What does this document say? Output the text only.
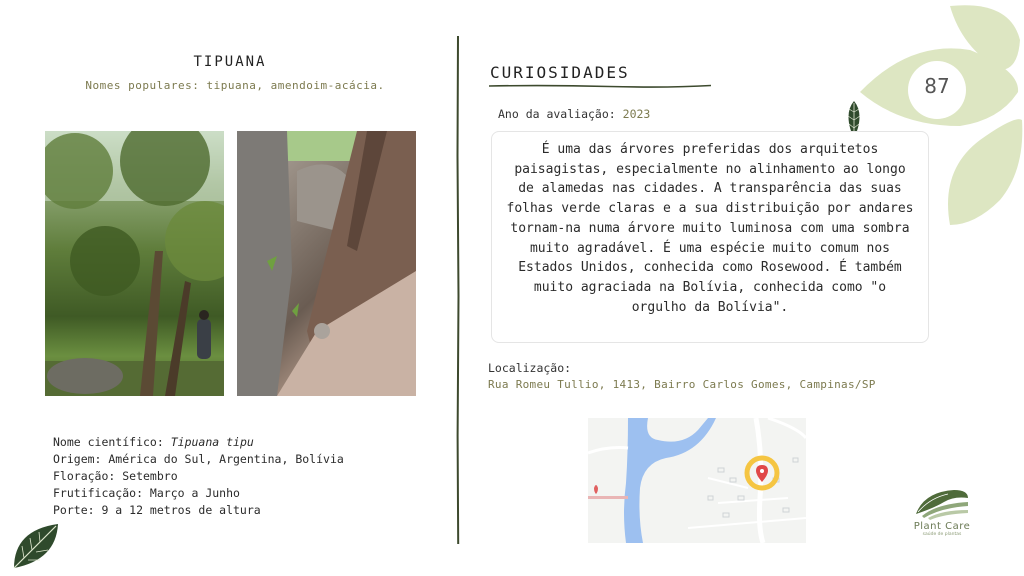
TIPUANA
Nomes populares: tipuana, amendoim-acácia.
Nome científico: Tipuana tipu
Origem: América do Sul, Argentina, Bolívia
Floração: Setembro
Frutificação: Março a Junho
Porte: 9 a 12 metros de altura
CURIOSIDADES
Ano da avaliação: 2023
É uma das árvores preferidas dos arquitetos paisagistas, especialmente no alinhamento ao longo de alamedas nas cidades. A transparência das suas folhas verde claras e a sua distribuição por andares tornam-na numa árvore muito luminosa com uma sombra muito agradável. É uma espécie muito comum nos Estados Unidos, conhecida como Rosewood. É também muito agraciada na Bolívia, conhecida como "o orgulho da Bolívia".
Localização:
Rua Romeu Tullio, 1413, Bairro Carlos Gomes, Campinas/SP
87
Plant Care
saúde de plantas
